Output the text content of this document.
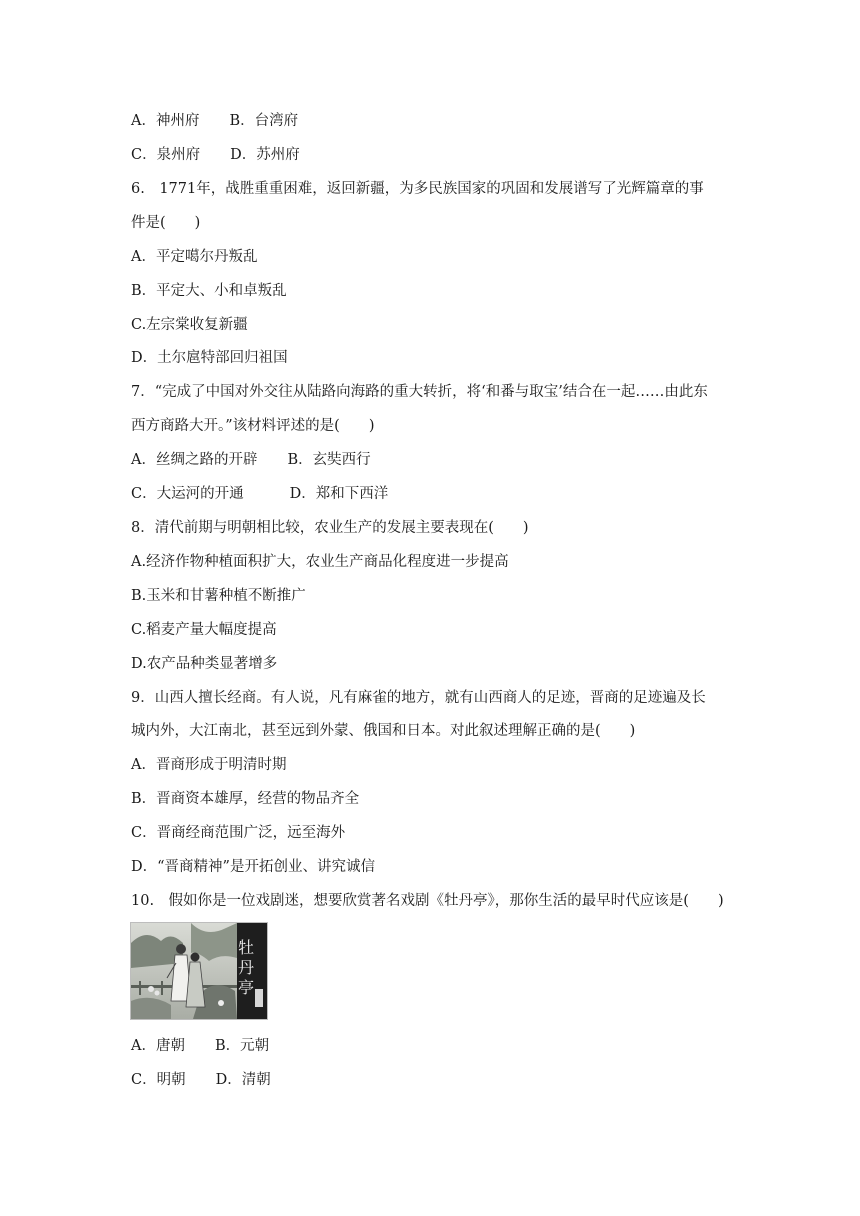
A．神州府 B．台湾府
C．泉州府 D．苏州府
6.　1771年，战胜重重困难，返回新疆，为多民族国家的巩固和发展谱写了光辉篇章的事
件是(　　)
A．平定噶尔丹叛乱
B．平定大、小和卓叛乱
C.左宗棠收复新疆
D．土尔扈特部回归祖国
7．“完成了中国对外交往从陆路向海路的重大转折，将‘和番与取宝’结合在一起……由此东
西方商路大开。”该材料评述的是(　　)
A．丝绸之路的开辟 B．玄奘西行
C．大运河的开通	D．郑和下西洋
8．清代前期与明朝相比较，农业生产的发展主要表现在(　　)
A.经济作物种植面积扩大，农业生产商品化程度进一步提高
B.玉米和甘薯种植不断推广
C.稻麦产量大幅度提高
D.农产品种类显著增多
9．山西人擅长经商。有人说，凡有麻雀的地方，就有山西商人的足迹，晋商的足迹遍及长
城内外，大江南北，甚至远到外蒙、俄国和日本。对此叙述理解正确的是(　　)
A．晋商形成于明清时期
B．晋商资本雄厚，经营的物品齐全
C．晋商经商范围广泛，远至海外
D．“晋商精神”是开拓创业、讲究诚信
10.　假如你是一位戏剧迷，想要欣赏著名戏剧《牡丹亭》，那你生活的最早时代应该是(　　)
牡
丹
亭
A．唐朝 B．元朝
C．明朝 D．清朝
